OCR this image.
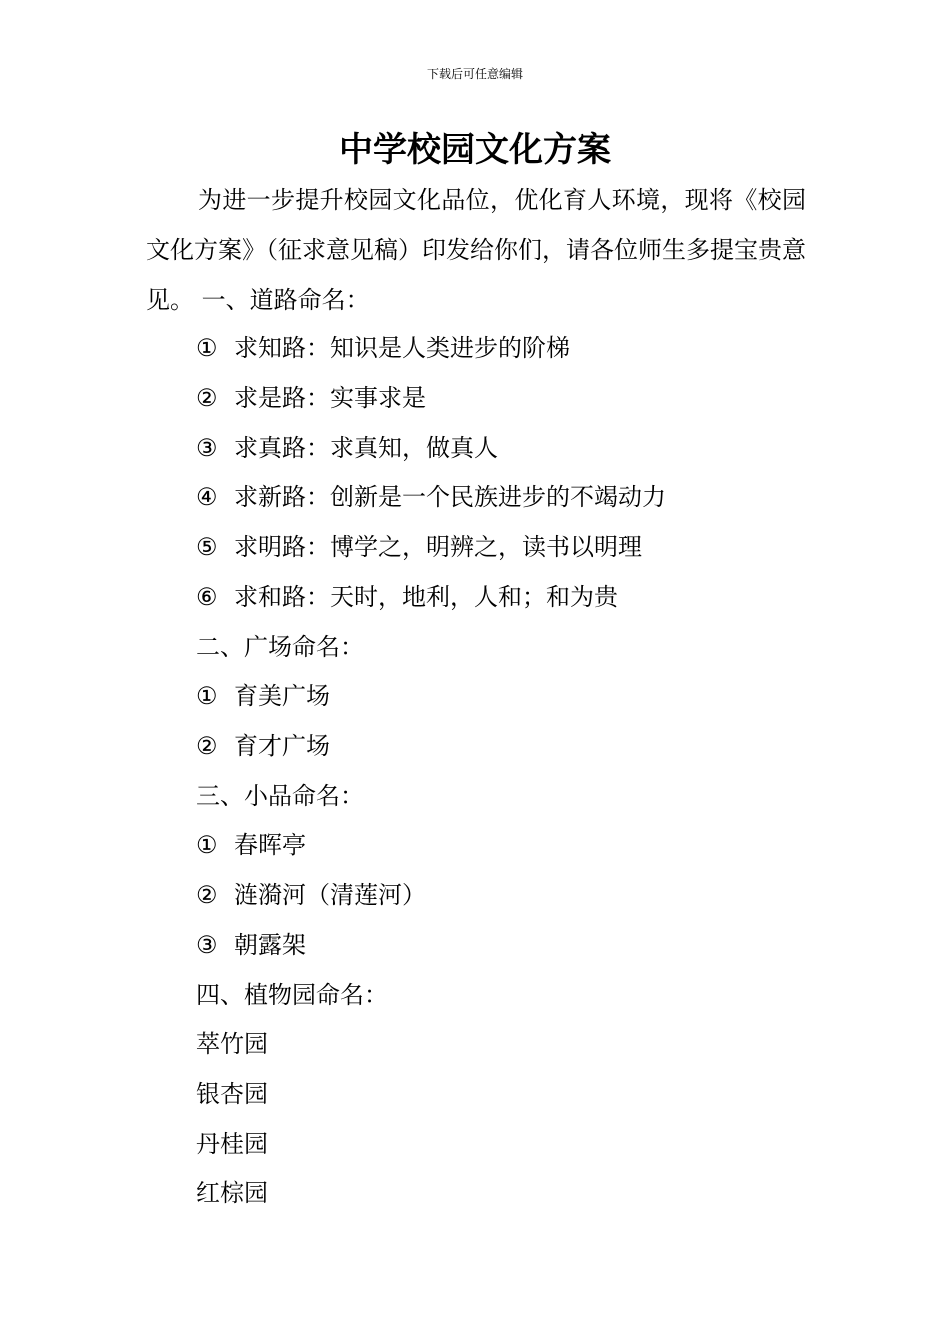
下载后可任意编辑
中学校园文化方案

为进一步提升校园文化品位，优化育人环境，现将《校园文化方案》（征求意见稿）印发给你们，请各位师生多提宝贵意见。 一、道路命名：

① 求知路：知识是人类进步的阶梯

② 求是路：实事求是

③ 求真路：求真知，做真人

④ 求新路：创新是一个民族进步的不竭动力

⑤ 求明路：博学之，明辨之，读书以明理

⑥ 求和路：天时，地利，人和；和为贵

二、广场命名：

① 育美广场

② 育才广场

三、小品命名：

① 春晖亭

② 涟漪河（清莲河）

③ 朝露架

四、植物园命名：

萃竹园

银杏园

丹桂园

红棕园
